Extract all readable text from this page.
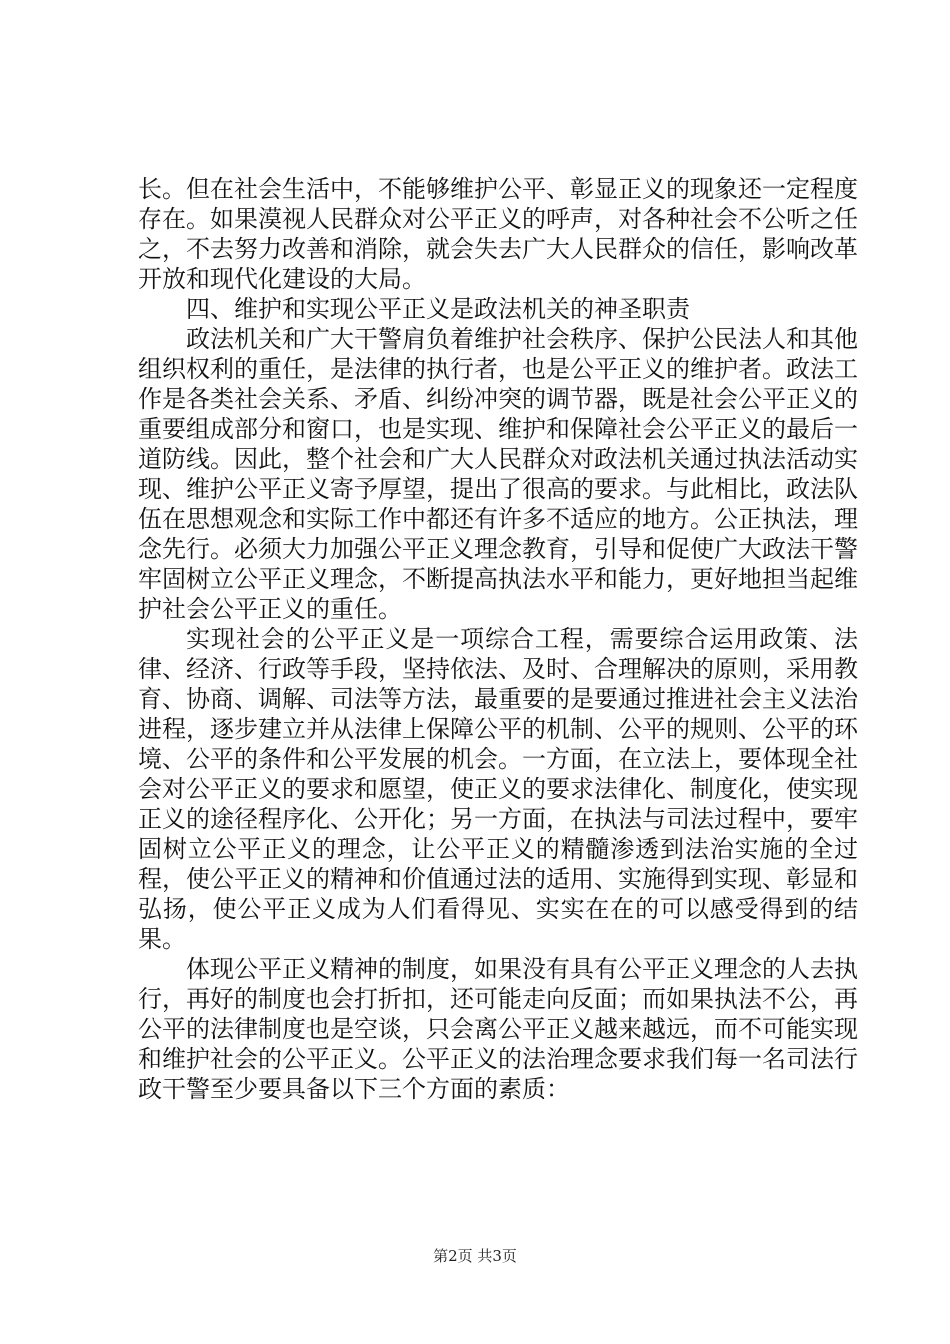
长。但在社会生活中，不能够维护公平、彰显正义的现象还一定程度存在。如果漠视人民群众对公平正义的呼声，对各种社会不公听之任之，不去努力改善和消除，就会失去广大人民群众的信任，影响改革开放和现代化建设的大局。

四、维护和实现公平正义是政法机关的神圣职责

政法机关和广大干警肩负着维护社会秩序、保护公民法人和其他组织权利的重任，是法律的执行者，也是公平正义的维护者。政法工作是各类社会关系、矛盾、纠纷冲突的调节器，既是社会公平正义的重要组成部分和窗口，也是实现、维护和保障社会公平正义的最后一道防线。因此，整个社会和广大人民群众对政法机关通过执法活动实现、维护公平正义寄予厚望，提出了很高的要求。与此相比，政法队伍在思想观念和实际工作中都还有许多不适应的地方。公正执法，理念先行。必须大力加强公平正义理念教育，引导和促使广大政法干警牢固树立公平正义理念，不断提高执法水平和能力，更好地担当起维护社会公平正义的重任。

实现社会的公平正义是一项综合工程，需要综合运用政策、法律、经济、行政等手段，坚持依法、及时、合理解决的原则，采用教育、协商、调解、司法等方法，最重要的是要通过推进社会主义法治进程，逐步建立并从法律上保障公平的机制、公平的规则、公平的环境、公平的条件和公平发展的机会。一方面，在立法上，要体现全社会对公平正义的要求和愿望，使正义的要求法律化、制度化，使实现正义的途径程序化、公开化；另一方面，在执法与司法过程中，要牢固树立公平正义的理念，让公平正义的精髓渗透到法治实施的全过程，使公平正义的精神和价值通过法的适用、实施得到实现、彰显和弘扬，使公平正义成为人们看得见、实实在在的可以感受得到的结果。

体现公平正义精神的制度，如果没有具有公平正义理念的人去执行，再好的制度也会打折扣，还可能走向反面；而如果执法不公，再公平的法律制度也是空谈，只会离公平正义越来越远，而不可能实现和维护社会的公平正义。公平正义的法治理念要求我们每一名司法行政干警至少要具备以下三个方面的素质：

第2页 共3页
